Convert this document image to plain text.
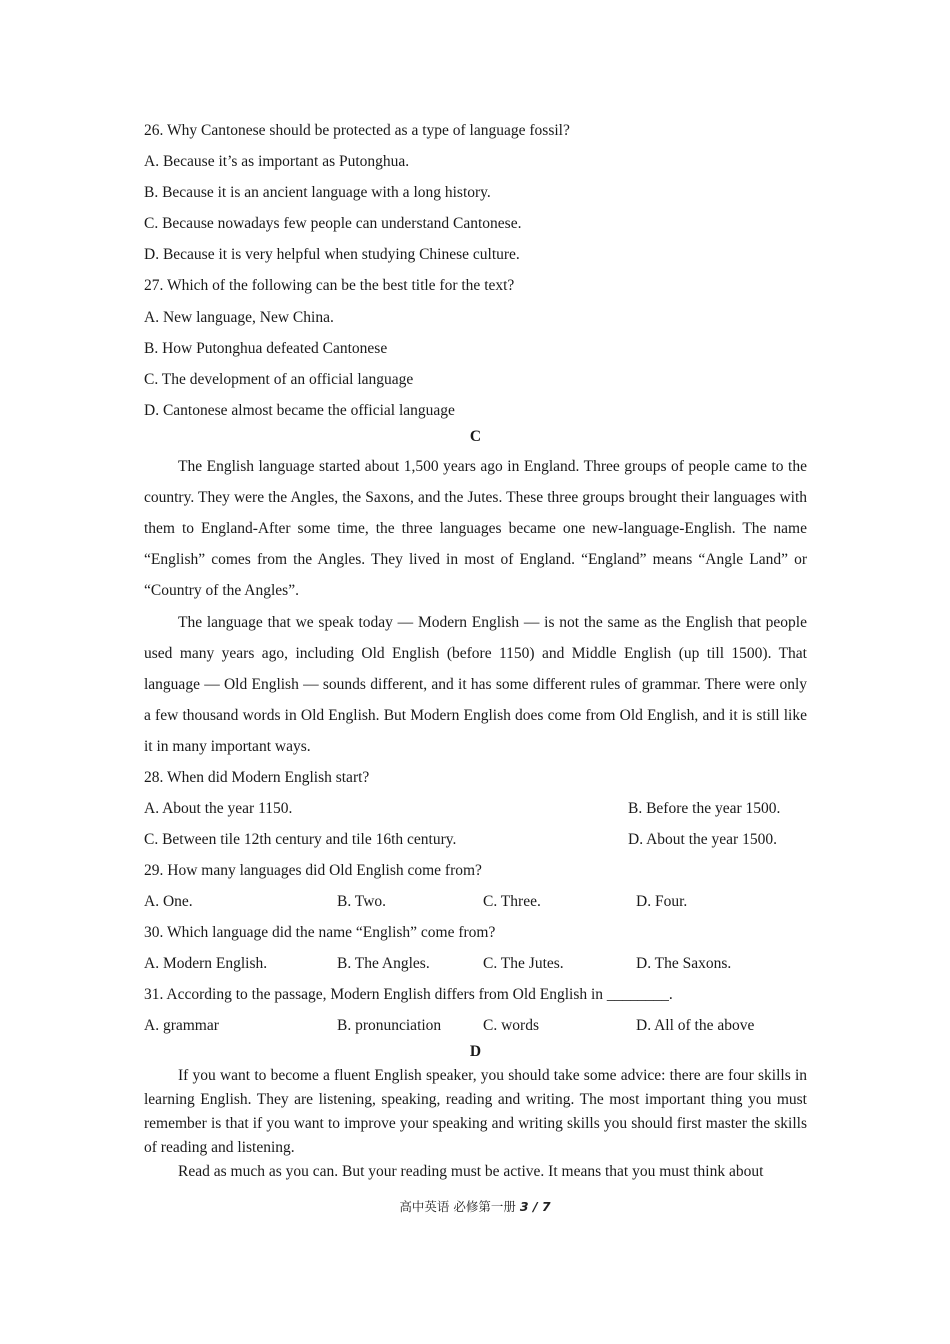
26. Why Cantonese should be protected as a type of language fossil?
A. Because it’s as important as Putonghua.
B. Because it is an ancient language with a long history.
C. Because nowadays few people can understand Cantonese.
D. Because it is very helpful when studying Chinese culture.
27. Which of the following can be the best title for the text?
A. New language, New China.
B. How Putonghua defeated Cantonese
C. The development of an official language
D. Cantonese almost became the official language
C
The English language started about 1,500 years ago in England. Three groups of people came to the country. They were the Angles, the Saxons, and the Jutes. These three groups brought their languages with them to England-After some time, the three languages became one new-language-English. The name “English” comes from the Angles. They lived in most of England. “England” means “Angle Land” or “Country of the Angles”.
The language that we speak today — Modern English — is not the same as the English that people used many years ago, including Old English (before 1150) and Middle English (up till 1500). That language — Old English — sounds different, and it has some different rules of grammar. There were only a few thousand words in Old English. But Modern English does come from Old English, and it is still like it in many important ways.
28. When did Modern English start?
A. About the year 1150.	B. Before the year 1500.
C. Between tile 12th century and tile 16th century.	D. About the year 1500.
29. How many languages did Old English come from?
A. One.	B. Two.	C. Three.	D. Four.
30. Which language did the name “English” come from?
A. Modern English.	B. The Angles.	C. The Jutes.	D. The Saxons.
31. According to the passage, Modern English differs from Old English in ________.
A. grammar	B. pronunciation	C. words	D. All of the above
D
If you want to become a fluent English speaker, you should take some advice: there are four skills in learning English. They are listening, speaking, reading and writing. The most important thing you must remember is that if you want to improve your speaking and writing skills you should first master the skills of reading and listening.
Read as much as you can. But your reading must be active. It means that you must think about
高中英语 必修第一册 3 / 7
